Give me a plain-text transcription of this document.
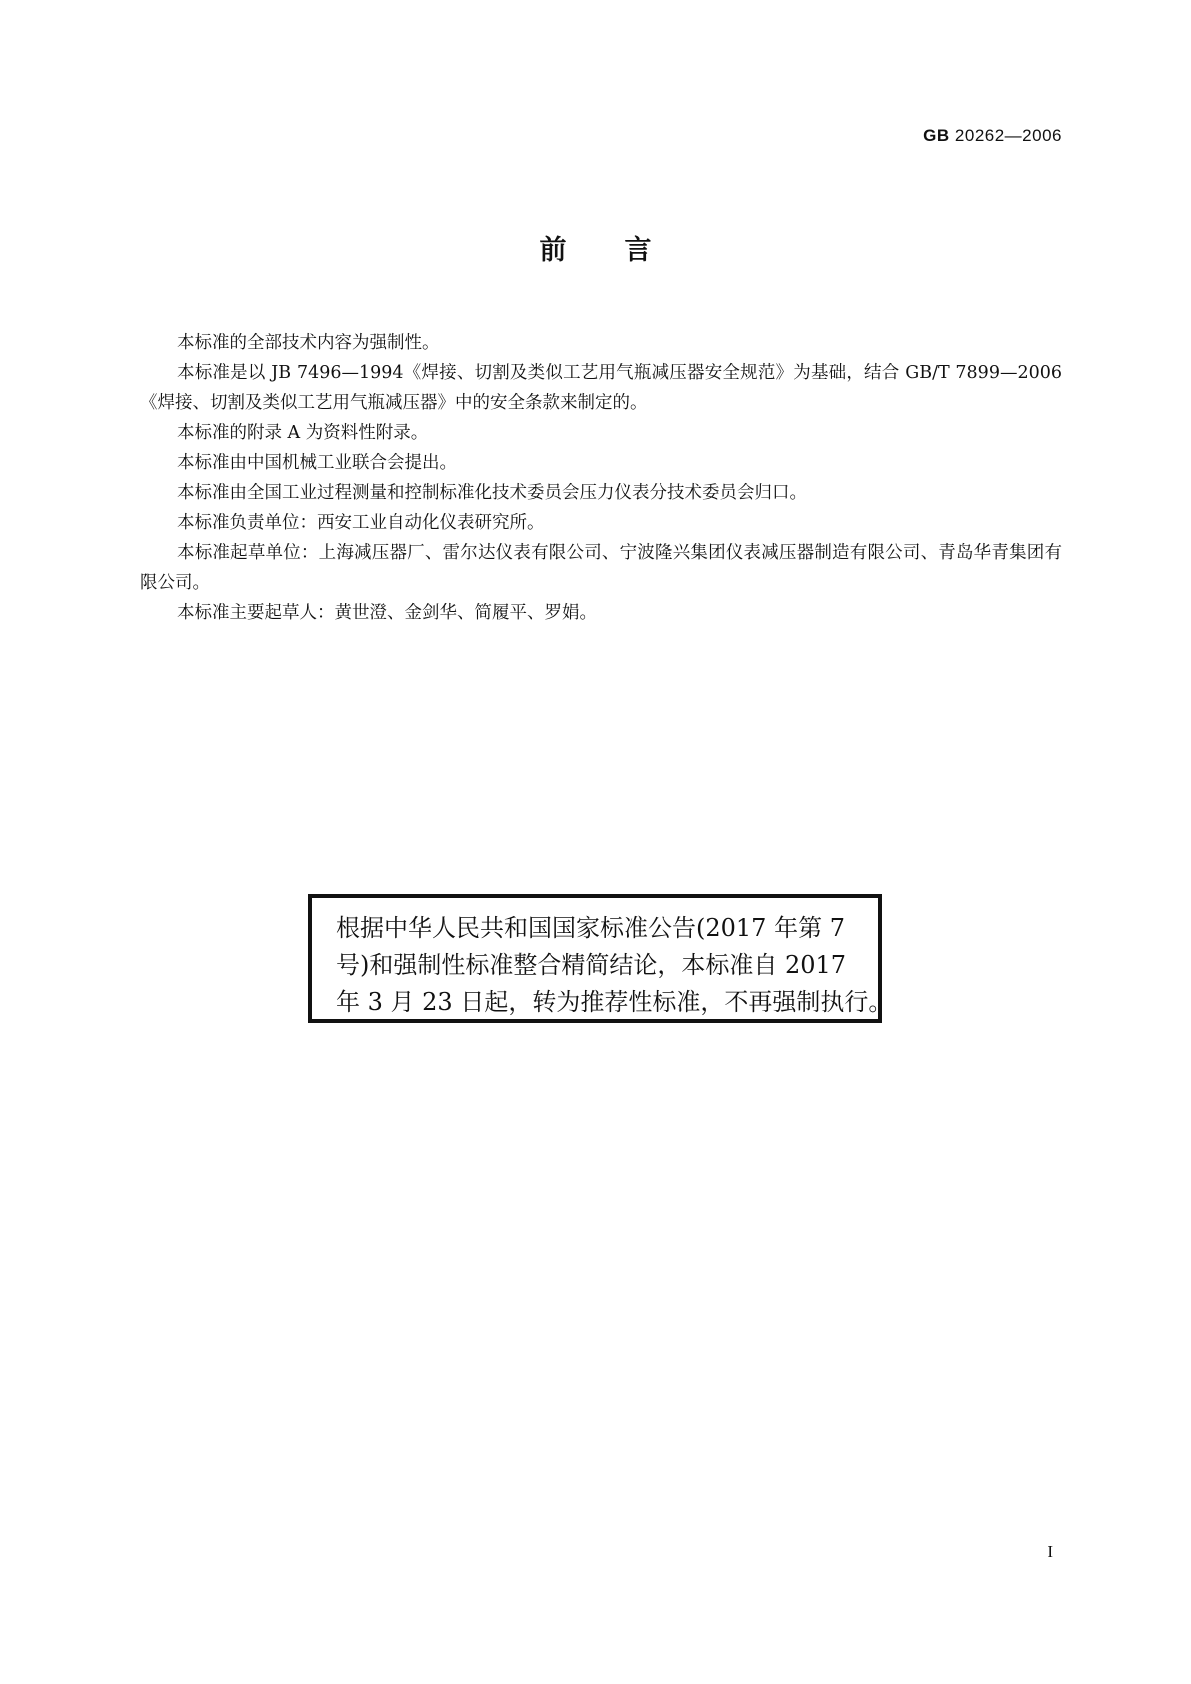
GB 20262—2006
前言

本标准的全部技术内容为强制性。

本标准是以 JB 7496—1994《焊接、切割及类似工艺用气瓶减压器安全规范》为基础，结合 GB/T 7899—2006《焊接、切割及类似工艺用气瓶减压器》中的安全条款来制定的。

本标准的附录 A 为资料性附录。

本标准由中国机械工业联合会提出。

本标准由全国工业过程测量和控制标准化技术委员会压力仪表分技术委员会归口。

本标准负责单位：西安工业自动化仪表研究所。

本标准起草单位：上海减压器厂、雷尔达仪表有限公司、宁波隆兴集团仪表减压器制造有限公司、青岛华青集团有限公司。

本标准主要起草人：黄世澄、金剑华、简履平、罗娟。

根据中华人民共和国国家标准公告(2017 年第 7
号)和强制性标准整合精简结论，本标准自 2017
年 3 月 23 日起，转为推荐性标准，不再强制执行。
I
